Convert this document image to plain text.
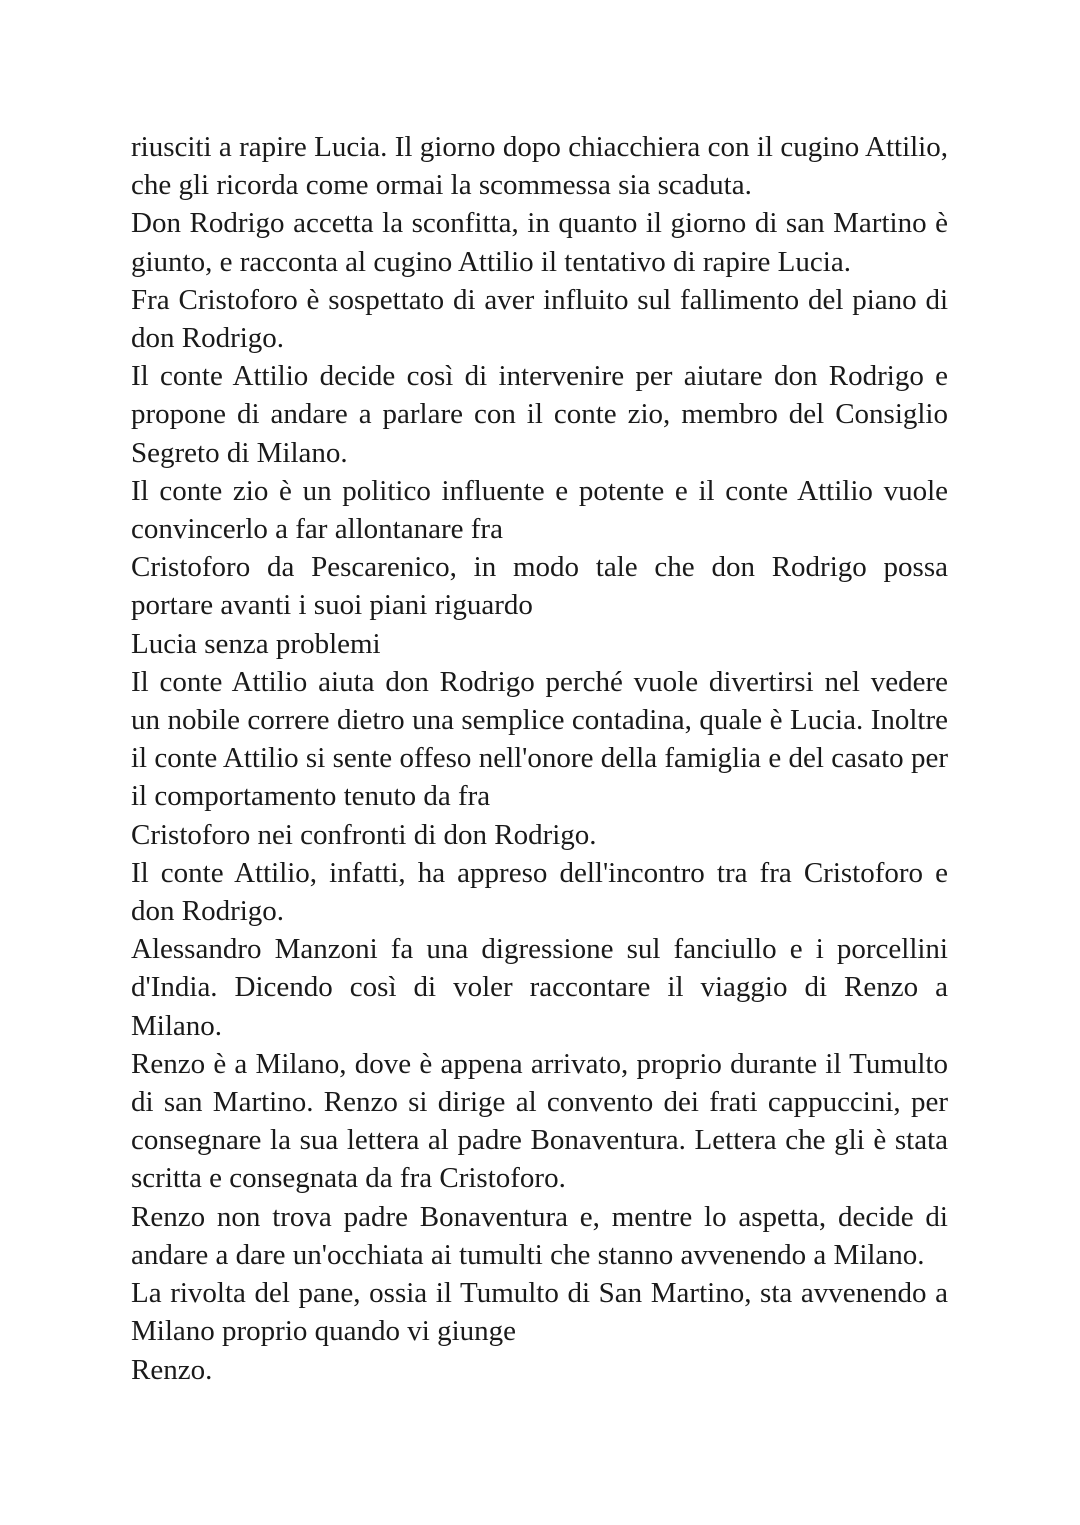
riusciti a rapire Lucia. Il giorno dopo chiacchiera con il cugino Attilio, che gli ricorda come ormai la scommessa sia scaduta.

Don Rodrigo accetta la sconfitta, in quanto il giorno di san Martino è giunto, e racconta al cugino Attilio il tentativo di rapire Lucia.

Fra Cristoforo è sospettato di aver influito sul fallimento del piano di don Rodrigo.

Il conte Attilio decide così di intervenire per aiutare don Rodrigo e propone di andare a parlare con il conte zio, membro del Consiglio Segreto di Milano.

Il conte zio è un politico influente e potente e il conte Attilio vuole convincerlo a far allontanare fra

Cristoforo da Pescarenico, in modo tale che don Rodrigo possa portare avanti i suoi piani riguardo

Lucia senza problemi

Il conte Attilio aiuta don Rodrigo perché vuole divertirsi nel vedere un nobile correre dietro una semplice contadina, quale è Lucia. Inoltre il conte Attilio si sente offeso nell'onore della famiglia e del casato per il comportamento tenuto da fra

Cristoforo nei confronti di don Rodrigo.

Il conte Attilio, infatti, ha appreso dell'incontro tra fra Cristoforo e don Rodrigo.

Alessandro Manzoni fa una digressione sul fanciullo e i porcellini d'India. Dicendo così di voler raccontare il viaggio di Renzo a Milano.

Renzo è a Milano, dove è appena arrivato, proprio durante il Tumulto di san Martino. Renzo si dirige al convento dei frati cappuccini, per consegnare la sua lettera al padre Bonaventura. Lettera che gli è stata scritta e consegnata da fra Cristoforo.

Renzo non trova padre Bonaventura e, mentre lo aspetta, decide di andare a dare un'occhiata ai tumulti che stanno avvenendo a Milano.

La rivolta del pane, ossia il Tumulto di San Martino, sta avvenendo a Milano proprio quando vi giunge

Renzo.
